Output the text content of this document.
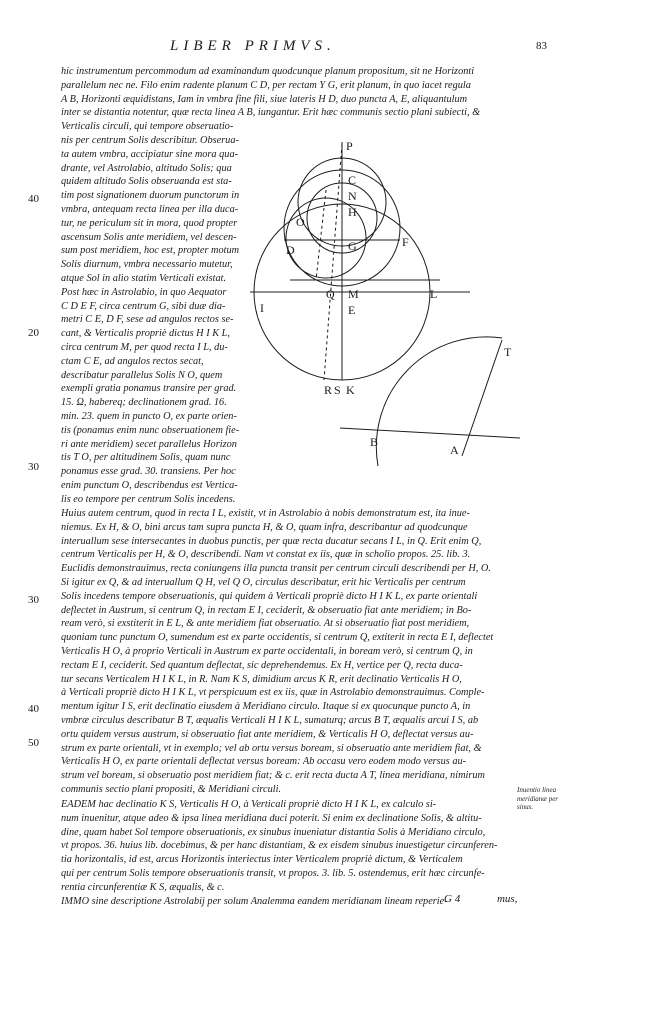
LIBER PRIMVS.	83
hic instrumentum percommodum ad examinandum quodcunque planum propositum, sit ne Horizonti
parallelum nec ne. Filo enim radente planum C D, per rectam Y G, erit planum, in quo iacet regula
A B, Horizonti æquidistans, Iam in vmbra fine fili, siue lateris H D, duo puncta A, E, aliquantulum
inter se distantia notentur, quæ recta linea A B, iungantur. Erit hæc communis sectio plani subiecti, &
Verticalis circuli, qui tempore obseruatio-
nis per centrum Solis describitur. Obserua-
ta autem vmbra, accipiatur sine mora qua-
drante, vel Astrolabio, altitudo Solis; qua
quidem altitudo Solis obseruanda est sta-
tim post signationem duorum punctorum in
vmbra, antequam recta linea per illa duca-
tur, ne periculum sit in mora, quod propter
ascensum Solis ante meridiem, vel descen-
sum post meridiem, hoc est, propter motum
Solis diurnum, vmbra necessario mutetur,
atque Sol in alio statim Verticali existat.
Post hæc in Astrolabio, in quo Aequator
C D E F, circa centrum G, sibi duæ dia-
metri C E, D F, sese ad angulos rectos se-
cant, & Verticalis propriè dictus H I K L,
circa centrum M, per quod recta I L, du-
ctam C E, ad angulos rectos secat,
describatur parallelus Solis N O, quem
exempli gratia ponamus transire per grad.
15. Ω, habereq; declinationem grad. 16.
min. 23. quem in puncto O, ex parte orien-
tis (ponamus enim nunc obseruationem fie-
ri ante meridiem) secet parallelus Horizon
tis T O, per altitudinem Solis, quam nunc
ponamus esse grad. 30. transiens. Per hoc
enim punctum O, describendus est Vertica-
lis eo tempore per centrum Solis incedens.
Huius autem centrum, quod in recta I L, existit, vt in Astrolabio à nobis demonstratum est, ita inue-
niemus. Ex H, & O, bini arcus tam supra puncta H, & O, quam infra, describantur ad quodcunque
interuallum sese intersecantes in duobus punctis, per quæ recta ducatur secans I L, in Q. Erit enim Q,
centrum Verticalis per H, & O, describendi. Nam vt constat ex iis, quæ in scholio propos. 25. lib. 3.
Euclidis demonstrauimus, recta coniungens illa puncta transit per centrum circuli describendi per H, O.
Si igitur ex Q, & ad interuallum Q H, vel Q O, circulus describatur, erit hic Verticalis per centrum
Solis incedens tempore obseruationis, qui quidem à Verticali propriè dicto H I K L, ex parte orientali
deflectet in Austrum, si centrum Q, in rectam E I, ceciderit, & obseruatio fiat ante meridiem; in Bo-
ream verò, si exstiterit in E L, & ante meridiem fiat obseruatio. At si obseruatio fiat post meridiem,
quoniam tunc punctum O, sumendum est ex parte occidentis, si centrum Q, extiterit in recta E I, deflectet
Verticalis H O, à proprio Verticali in Austrum ex parte occidentali, in boream verò, si centrum Q, in
rectam E I, ceciderit. Sed quantum deflectat, sic deprehendemus. Ex H, vertice per Q, recta duca-
tur secans Verticalem H I K L, in R. Nam K S, dimidium arcus K R, erit declinatio Verticalis H O,
à Verticali propriè dicto H I K L, vt perspicuum est ex iis, quæ in Astrolabio demonstrauimus. Comple-
mentum igitur I S, erit declinatio eiusdem à Meridiano circulo. Itaque si ex quocunque puncto A, in
vmbræ circulus describatur B T, æqualis Verticali H I K L, sumaturq; arcus B T, æqualis arcui I S, ab
ortu quidem versus austrum, si obseruatio fiat ante meridiem, & Verticalis H O, deflectat versus au-
strum ex parte orientali, vt in exemplo; vel ab ortu versus boream, si obseruatio ante meridiem fiat, &
Verticalis H O, ex parte orientali deflectat versus boream: Ab occasu vero eodem modo versus au-
strum vel boream, si obseruatio post meridiem fiat; & c. erit recta ducta A T, linea meridiana, nimirum
communis sectio plani propositi, & Meridiani circuli.
EADEM hac declinatio K S, Verticalis H O, à Verticali propriè dicto H I K L, ex calculo si-
num inuenitur, atque adeo & ipsa linea meridiana duci poterit. Si enim ex declinatione Solis, & altitu-
dine, quam habet Sol tempore obseruationis, ex sinubus inueniatur distantia Solis à Meridiano circulo,
vt propos. 36. huius lib. docebimus, & per hanc distantiam, & ex eisdem sinubus inuestigetur circunferen-
tia horizontalis, id est, arcus Horizontis interiectus inter Verticalem propriè dictum, & Verticalem
qui per centrum Solis tempore obseruationis transit, vt propos. 3. lib. 5. ostendemus, erit hæc circunfe-
rentia circunferentiæ K S, æqualis, & c.
IMMO sine descriptione Astrolabij per solum Analemma eandem meridianam lineam reperie-
Inuentio linea
meridianæ per
sinus.
40
20
30
30
40
50
G 4	mus,
P
C
N
H
G
D
O
F
I
Q M	L
E
R S K
T
B
A
